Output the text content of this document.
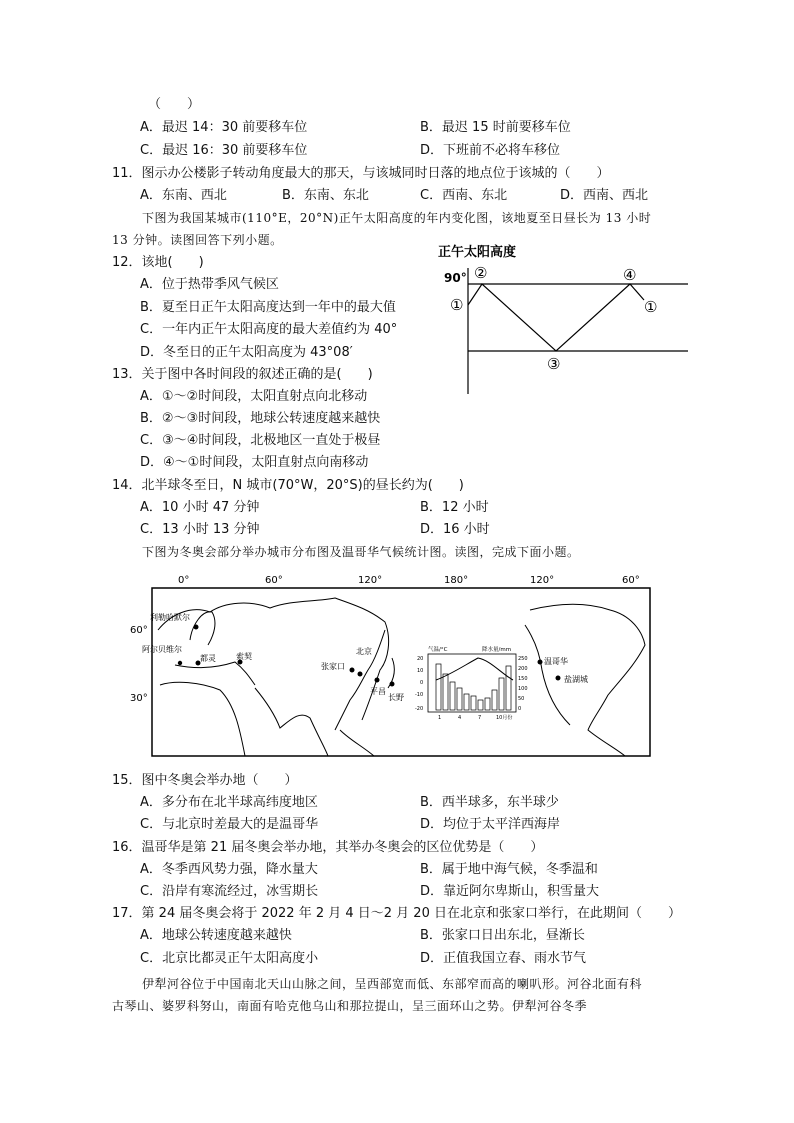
（　　）
A．最迟 14：30 前要移车位	B．最迟 15 时前要移车位
C．最迟 16：30 前要移车位	D．下班前不必将车移位
11．图示办公楼影子转动角度最大的那天，与该城同时日落的地点位于该城的（　　）
A．东南、西北	B．东南、东北	C．西南、东北	D．西南、西北
下图为我国某城市(110°E，20°N)正午太阳高度的年内变化图，该地夏至日昼长为 13 小时
13 分钟。读图回答下列小题。
12．该地(　　)
A．位于热带季风气候区
B．夏至日正午太阳高度达到一年中的最大值
C．一年内正午太阳高度的最大差值约为 40°
D．冬至日的正午太阳高度为 43°08′
13．关于图中各时间段的叙述正确的是(　　)
A．①～②时间段，太阳直射点向北移动
B．②～③时间段，地球公转速度越来越快
C．③～④时间段，北极地区一直处于极昼
D．④～①时间段，太阳直射点向南移动
14．北半球冬至日，N 城市(70°W，20°S)的昼长约为(　　)
A．10 小时 47 分钟	B．12 小时
C．13 小时 13 分钟	D．16 小时
下图为冬奥会部分举办城市分布图及温哥华气候统计图。读图，完成下面小题。
正午太阳高度
90°
①
②
③
④
①
0°	60°	120°	180°	120°	60°
60°
30°
气温/°C	降水量/mm
20
10
0
-10
-20
250
200
150
100
50
0
1	4	7	10月份
利勒哈默尔
阿尔贝维尔
都灵	索契
张家口
北京
平昌
长野
温哥华
盐湖城
15．图中冬奥会举办地（　　）
A．多分布在北半球高纬度地区	B．西半球多，东半球少
C．与北京时差最大的是温哥华	D．均位于太平洋西海岸
16．温哥华是第 21 届冬奥会举办地，其举办冬奥会的区位优势是（　　）
A．冬季西风势力强，降水量大	B．属于地中海气候，冬季温和
C．沿岸有寒流经过，冰雪期长	D．靠近阿尔卑斯山，积雪量大
17．第 24 届冬奥会将于 2022 年 2 月 4 日～2 月 20 日在北京和张家口举行，在此期间（　　）
A．地球公转速度越来越快	B．张家口日出东北，昼渐长
C．北京比都灵正午太阳高度小	D．正值我国立春、雨水节气
伊犁河谷位于中国南北天山山脉之间，呈西部宽而低、东部窄而高的喇叭形。河谷北面有科古琴山、婆罗科努山，南面有哈克他乌山和那拉提山，呈三面环山之势。伊犁河谷冬季
